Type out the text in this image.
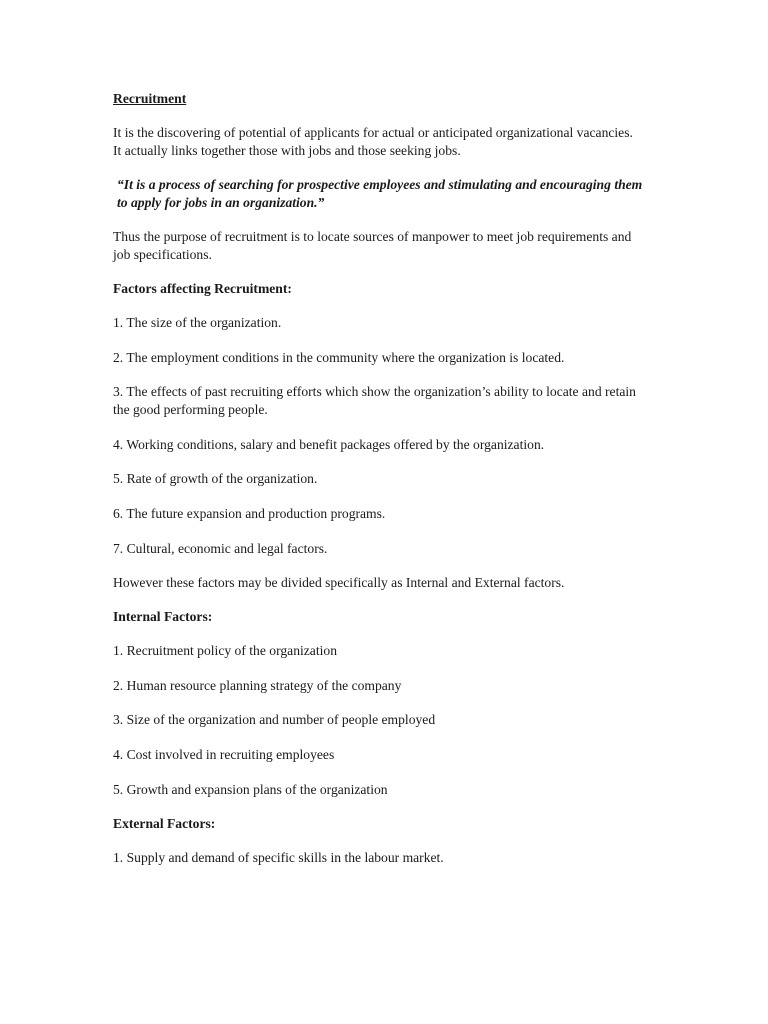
Recruitment
It is the discovering of potential of applicants for actual or anticipated organizational vacancies. It actually links together those with jobs and those seeking jobs.
“It is a process of searching for prospective employees and stimulating and encouraging them to apply for jobs in an organization.”
Thus the purpose of recruitment is to locate sources of manpower to meet job requirements and job specifications.
Factors affecting Recruitment:
1. The size of the organization.
2. The employment conditions in the community where the organization is located.
3. The effects of past recruiting efforts which show the organization’s ability to locate and retain the good performing people.
4. Working conditions, salary and benefit packages offered by the organization.
5. Rate of growth of the organization.
6. The future expansion and production programs.
7. Cultural, economic and legal factors.
However these factors may be divided specifically as Internal and External factors.
Internal Factors:
1. Recruitment policy of the organization
2. Human resource planning strategy of the company
3. Size of the organization and number of people employed
4. Cost involved in recruiting employees
5. Growth and expansion plans of the organization
External Factors:
1. Supply and demand of specific skills in the labour market.
